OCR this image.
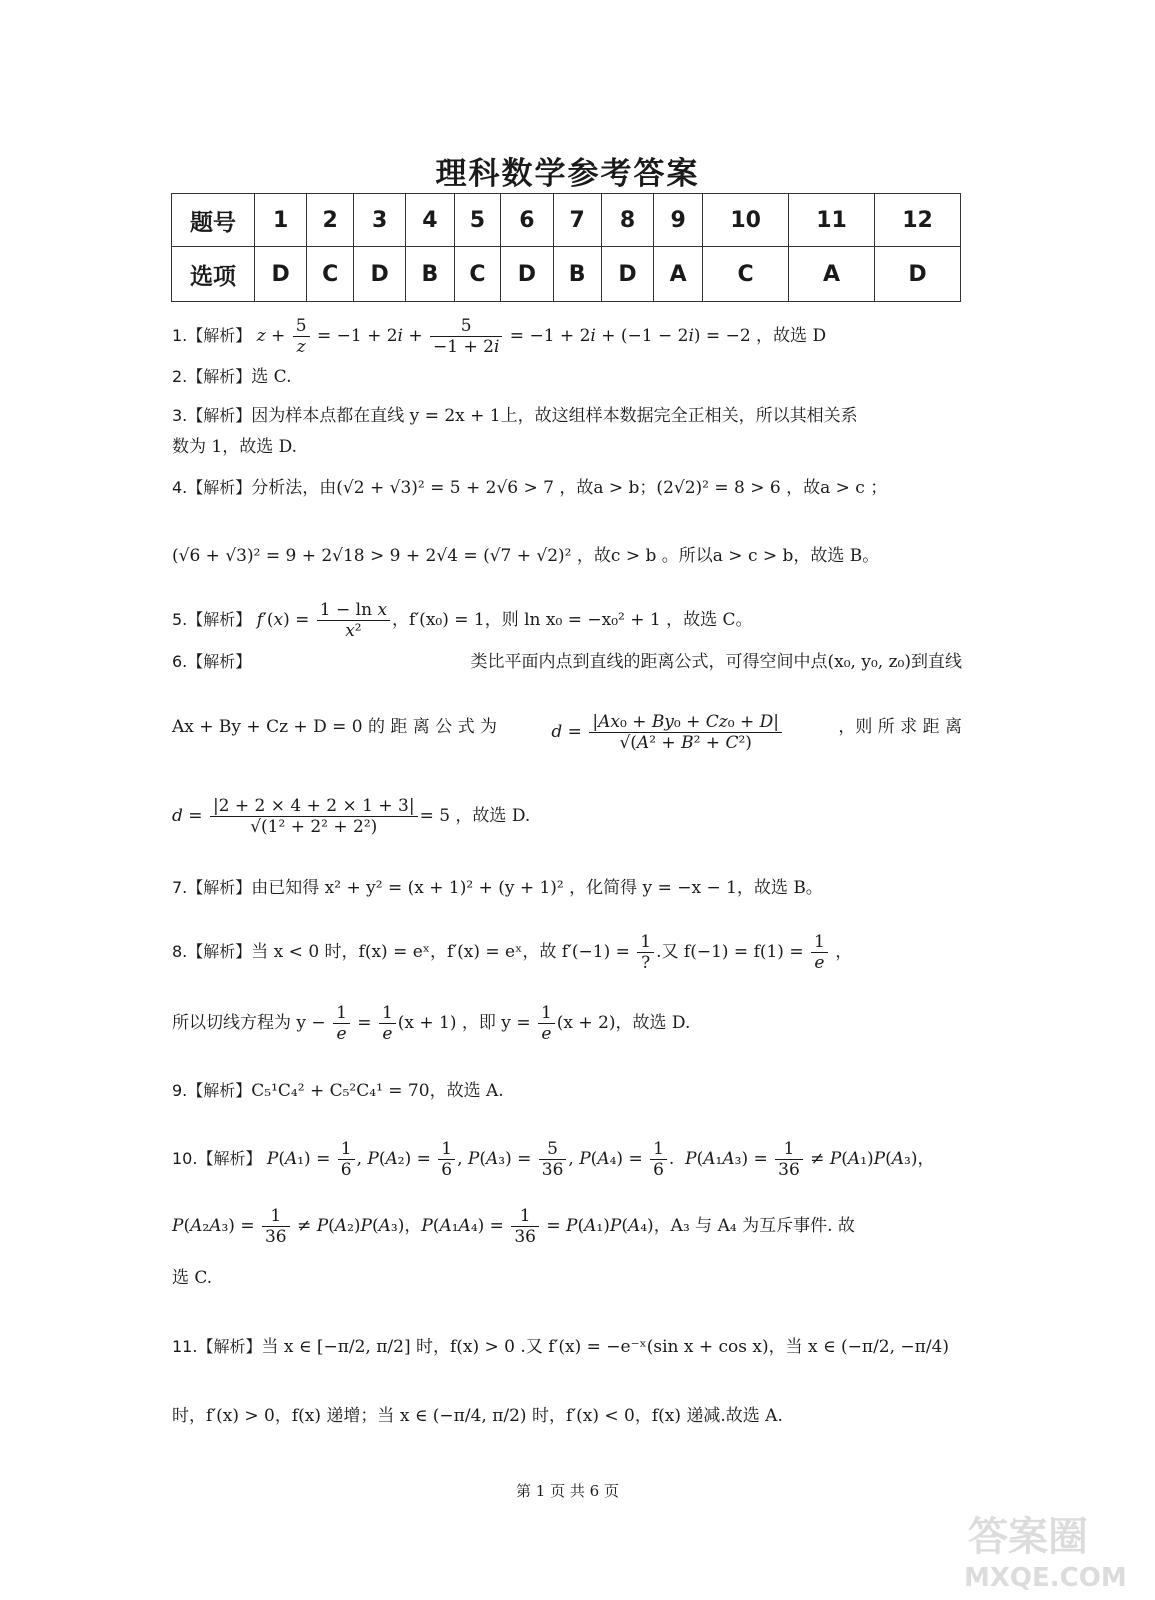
理科数学参考答案
题号	1	2	3	4	5	6	7	8	9	10	11	12
选项	D	C	D	B	C	D	B	D	A	C	A	D
1.【解析】 $z + \frac{5}{z} = -1 + 2i + \frac{5}{-1 + 2i} = -1 + 2i + (-1 - 2i) = -2$ ，故选 D
2.【解析】选 C.
3.【解析】因为样本点都在直线 y = 2x + 1上，故这组样本数据完全正相关，所以其相关系
数为 1，故选 D.
4.【解析】分析法，由(√2 + √3)² = 5 + 2√6 > 7 ，故a > b；(2√2)² = 8 > 6 ，故a > c ；
(√6 + √3)² = 9 + 2√18 > 9 + 2√4 = (√7 + √2)² ，故c > b 。所以a > c > b，故选 B。
5.【解析】 $f'(x) = \frac{\text{1 − ln x}}{\text{x²}}$ ，f′(x₀) = 1，则 ln x₀ = −x₀² + 1 ，故选 C。
6.【解析】	类比平面内点到直线的距离公式，可得空间中点(x₀, y₀, z₀)到直线
Ax + By + Cz + D = 0 的 距 离 公 式 为	$d = \frac{\text{|Ax₀ + By₀ + Cz₀ + D|}}{\text{√(A² + B² + C²)}}$	，则 所 求 距 离
$d = \frac{|2 + 2 \times 4 + 2 \times 1 + 3|}{\text{√(1² + 2² + 2²)}} = 5$ ，故选 D.
7.【解析】由已知得 x² + y² = (x + 1)² + (y + 1)² ，化简得 y = −x − 1，故选 B。
8.【解析】当 x < 0 时，f(x) = eˣ，f′(x) = eˣ，故 $f'(-1) = \frac{1}{?}$ .又 $f(-1) = f(1) = \frac{1}{e}$ ，
所以切线方程为 $y - \frac{1}{e} = \frac{1}{e} (x + 1)$ ，即 $y = \frac{1}{e} (x + 2)$，故选 D.
9.【解析】C₅¹C₄² + C₅²C₄¹ = 70，故选 A.
10.【解析】 $P(A_1) = \frac{1}{6}$ , $P(A_2) = \frac{1}{6}$ , $P(A_3) = \frac{5}{36}$ , $P(A_4) = \frac{1}{6}$ .  $P(A_1A_3) = \frac{1}{36} \ne P(A_1)P(A_3)$，
$P(A_2A_3) = \frac{1}{36} \ne P(A_2)P(A_3)$，$P(A_1A_4) = \frac{1}{36} = P(A_1)P(A_4)$，A₃ 与 A₄ 为互斥事件. 故
选 C.
11.【解析】当 x ∈ [−π/2, π/2] 时，f(x) > 0 .又 f′(x) = −e⁻ˣ(sin x + cos x)，当 x ∈ (−π/2, −π/4)
时，f′(x) > 0，f(x) 递增；当 x ∈ (−π/4, π/2) 时，f′(x) < 0，f(x) 递减.故选 A.
第 1 页 共 6 页
答案圈
MXQE.COM
